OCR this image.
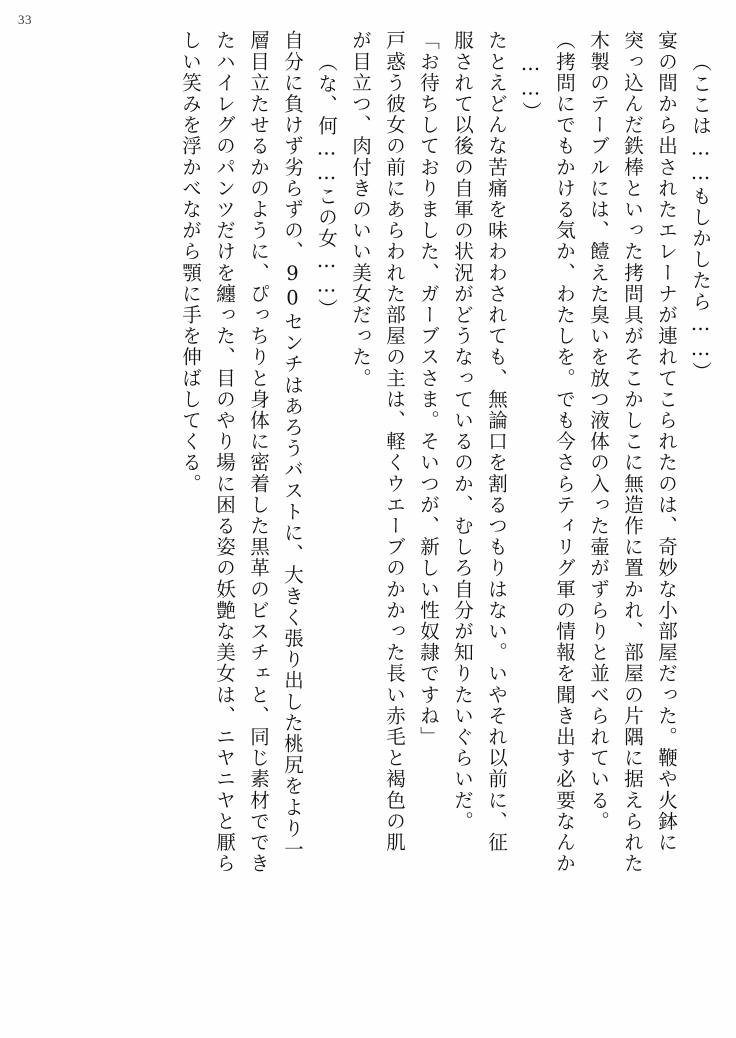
33
（ここは……もしかしたら……）
宴の間から出されたエレーナが連れてこられたのは、奇妙な小部屋だった。鞭や火鉢に
突っ込んだ鉄棒といった拷問具がそこかしこに無造作に置かれ、部屋の片隅に据えられた
木製のテーブルには、饐えた臭いを放つ液体の入った壷がずらりと並べられている。
（拷問にでもかける気か、わたしを。でも今さらティリグ軍の情報を聞き出す必要なんか
……）
たとえどんな苦痛を味わわされても、無論口を割るつもりはない。いやそれ以前に、征
服されて以後の自軍の状況がどうなっているのか、むしろ自分が知りたいぐらいだ。
「お待ちしておりました、ガーブスさま。そいつが、新しい性奴隷ですね」
戸惑う彼女の前にあらわれた部屋の主は、軽くウエーブのかかった長い赤毛と褐色の肌
が目立つ、肉付きのいい美女だった。
（な、何……この女……）
自分に負けず劣らずの、90センチはあろうバストに、大きく張り出した桃尻をより一
層目立たせるかのように、ぴっちりと身体に密着した黒革のビスチェと、同じ素材ででき
たハイレグのパンツだけを纏った、目のやり場に困る姿の妖艶な美女は、ニヤニヤと厭ら
しい笑みを浮かべながら顎に手を伸ばしてくる。
